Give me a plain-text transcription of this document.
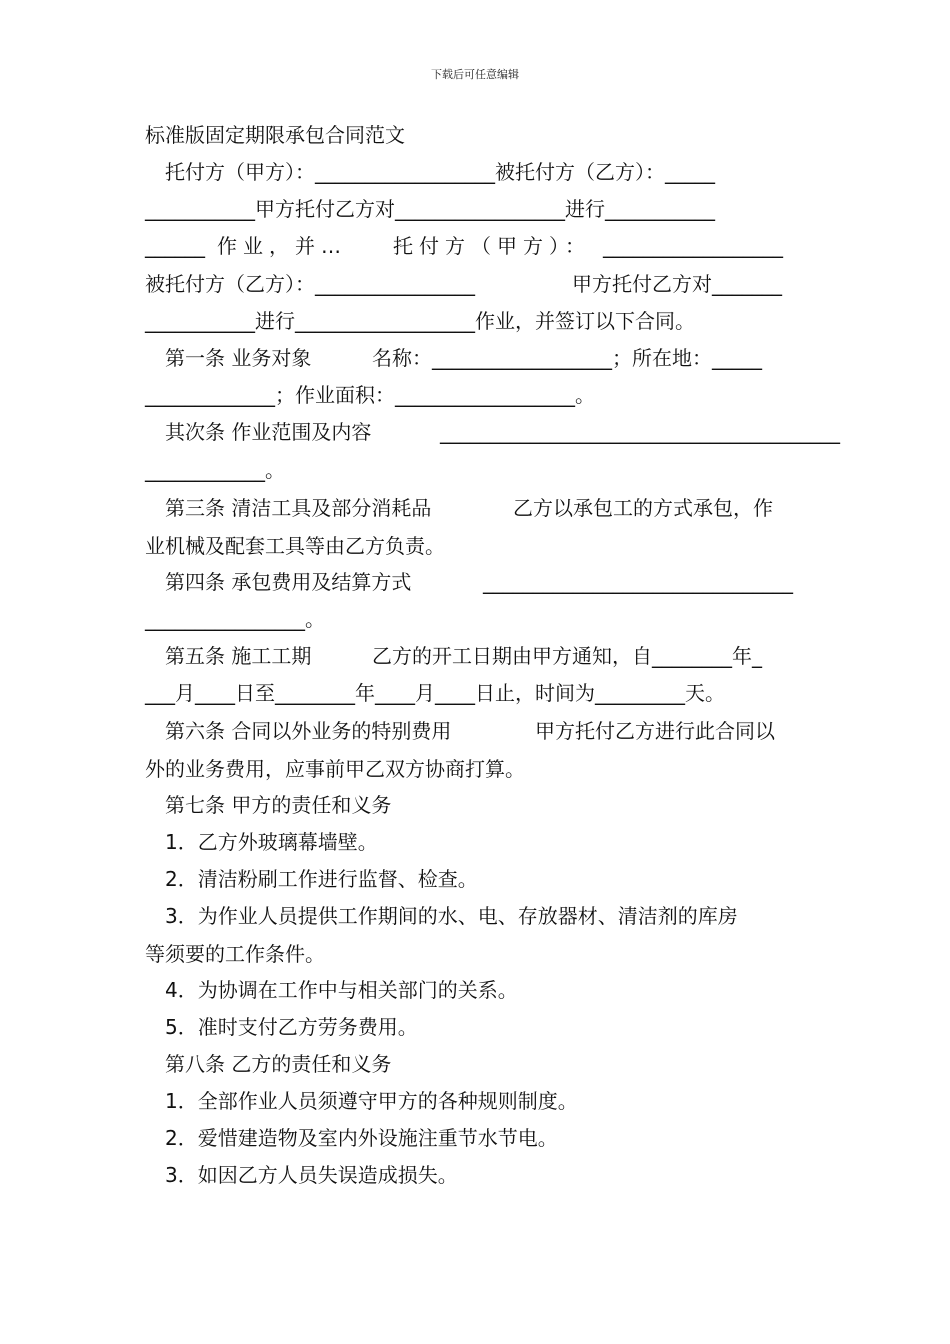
下载后可任意编辑
标准版固定期限承包合同范文
托付方（甲方）：__________________被托付方（乙方）：_____
___________甲方托付乙方对_________________进行___________

______

作业，并…

托付方（甲方）：

__________________

被托付方（乙方）：________________

	甲方托付乙方对_______

___________进行__________________作业，并签订以下合同。

第一条 业务对象

	名称：__________________；所在地：_____

_____________；作业面积：__________________。

其次条 作业范围及内容

	________________________________________

____________。

第三条 清洁工具及部分消耗品

	乙方以承包工的方式承包，作

业机械及配套工具等由乙方负责。

第四条 承包费用及结算方式

	_______________________________

________________。

第五条 施工工期

	乙方的开工日期由甲方通知，自________年_

___月____日至________年____月____日止，时间为_________天。

第六条 合同以外业务的特别费用

	甲方托付乙方进行此合同以

外的业务费用，应事前甲乙双方协商打算。
第七条 甲方的责任和义务
1．乙方外玻璃幕墙壁。
2．清洁粉刷工作进行监督、检查。
3．为作业人员提供工作期间的水、电、存放器材、清洁剂的库房
等须要的工作条件。
4．为协调在工作中与相关部门的关系。
5．准时支付乙方劳务费用。
第八条 乙方的责任和义务
1．全部作业人员须遵守甲方的各种规则制度。
2．爱惜建造物及室内外设施注重节水节电。
3．如因乙方人员失误造成损失。
